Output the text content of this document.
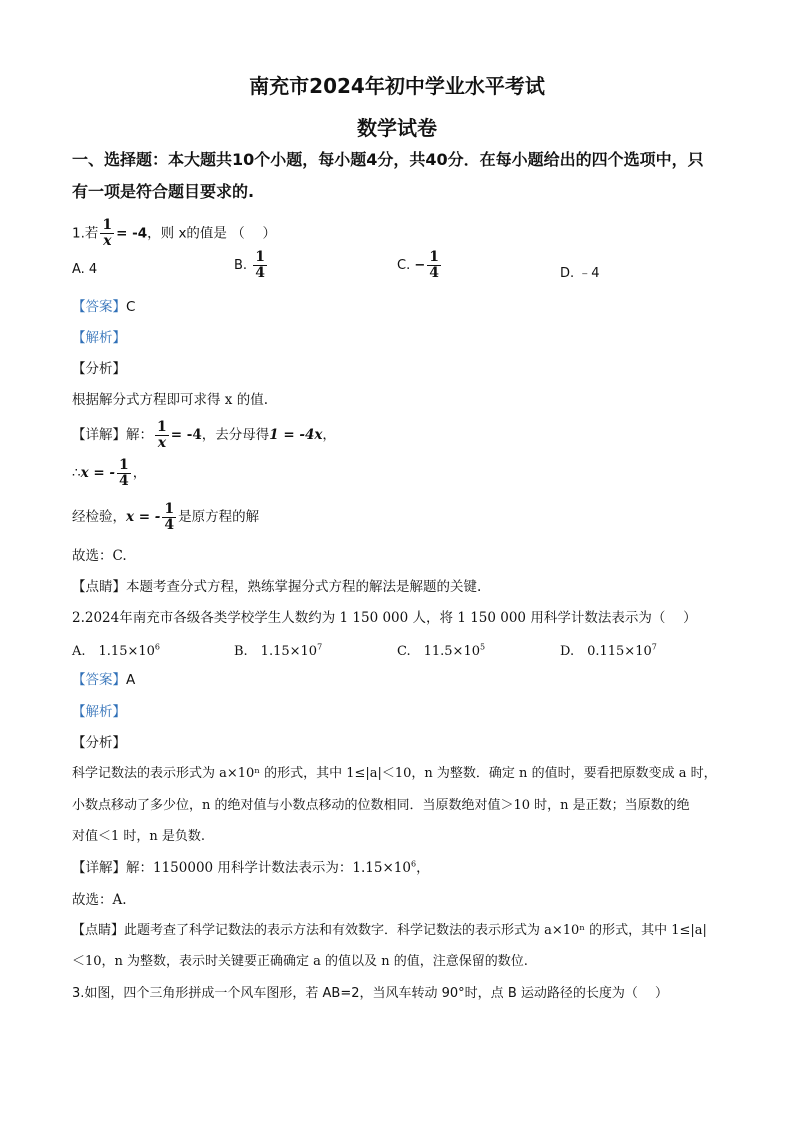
南充市2024年初中学业水平考试
数学试卷
一、选择题：本大题共10个小题，每小题4分，共40分．在每小题给出的四个选项中，只
有一项是符合题目要求的.
1.若 $\frac{1}{x} = -4$，则 x的值是 （　 ）
A. 4	B. $\frac{1}{4}$	C. − $\frac{1}{4}$	D. ﹣4
【答案】C
【解析】
【分析】
根据解分式方程即可求得 x 的值.
【详解】解： $\frac{1}{x} = -4$，去分母得1 = -4x，
∴x = - $\frac{1}{4}$ ，
经检验，x = - $\frac{1}{4}$ 是原方程的解
故选：C.
【点睛】本题考查分式方程，熟练掌握分式方程的解法是解题的关键.
2.2024年南充市各级各类学校学生人数约为 1 150 000 人，将 1 150 000 用科学计数法表示为（　 ）
A.　$1.15\times 10^6$	B.　$1.15\times 10^7$	C.　$11.5\times 10^5$	D.　$0.115\times 10^7$
【答案】A
【解析】
【分析】
科学记数法的表示形式为 a×10ⁿ 的形式，其中 1≤|a|＜10，n 为整数．确定 n 的值时，要看把原数变成 a 时，
小数点移动了多少位，n 的绝对值与小数点移动的位数相同．当原数绝对值＞10 时，n 是正数；当原数的绝
对值＜1 时，n 是负数.
【详解】解：1150000 用科学计数法表示为：$1.15\times 10^6$，
故选：A.
【点睛】此题考查了科学记数法的表示方法和有效数字．科学记数法的表示形式为 a×10ⁿ 的形式，其中 1≤|a|
＜10，n 为整数，表示时关键要正确确定 a 的值以及 n 的值，注意保留的数位.
3.如图，四个三角形拼成一个风车图形，若 AB=2，当风车转动 90°时，点 B 运动路径的长度为（　 ）
